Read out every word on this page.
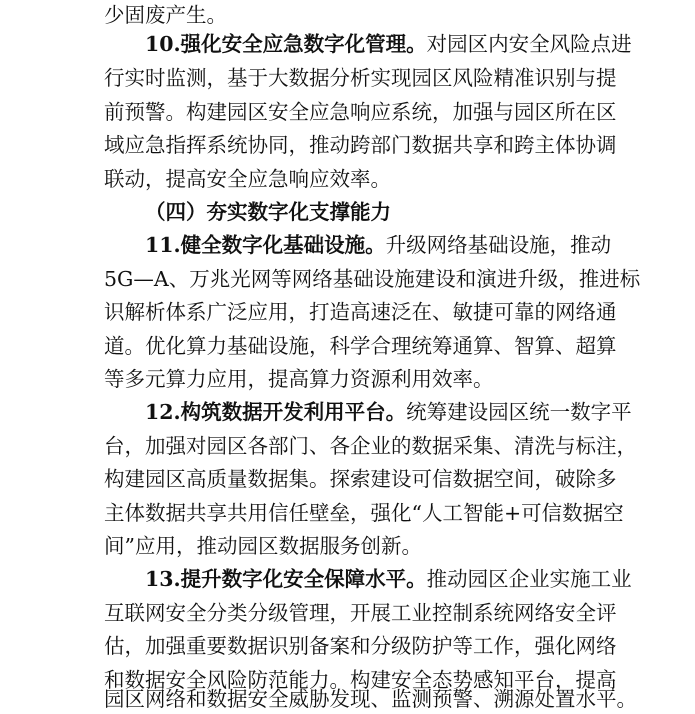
少固废产生。
10.强化安全应急数字化管理。对园区内安全风险点进
行实时监测，基于大数据分析实现园区风险精准识别与提
前预警。构建园区安全应急响应系统，加强与园区所在区
域应急指挥系统协同，推动跨部门数据共享和跨主体协调
联动，提高安全应急响应效率。
（四）夯实数字化支撑能力
11.健全数字化基础设施。升级网络基础设施，推动
5G—A、万兆光网等网络基础设施建设和演进升级，推进标
识解析体系广泛应用，打造高速泛在、敏捷可靠的网络通
道。优化算力基础设施，科学合理统筹通算、智算、超算
等多元算力应用，提高算力资源利用效率。
12.构筑数据开发利用平台。统筹建设园区统一数字平
台，加强对园区各部门、各企业的数据采集、清洗与标注，
构建园区高质量数据集。探索建设可信数据空间，破除多
主体数据共享共用信任壁垒，强化“人工智能+可信数据空
间”应用，推动园区数据服务创新。
13.提升数字化安全保障水平。推动园区企业实施工业
互联网安全分类分级管理，开展工业控制系统网络安全评
估，加强重要数据识别备案和分级防护等工作，强化网络
和数据安全风险防范能力。构建安全态势感知平台，提高
园区网络和数据安全威胁发现、监测预警、溯源处置水平。
